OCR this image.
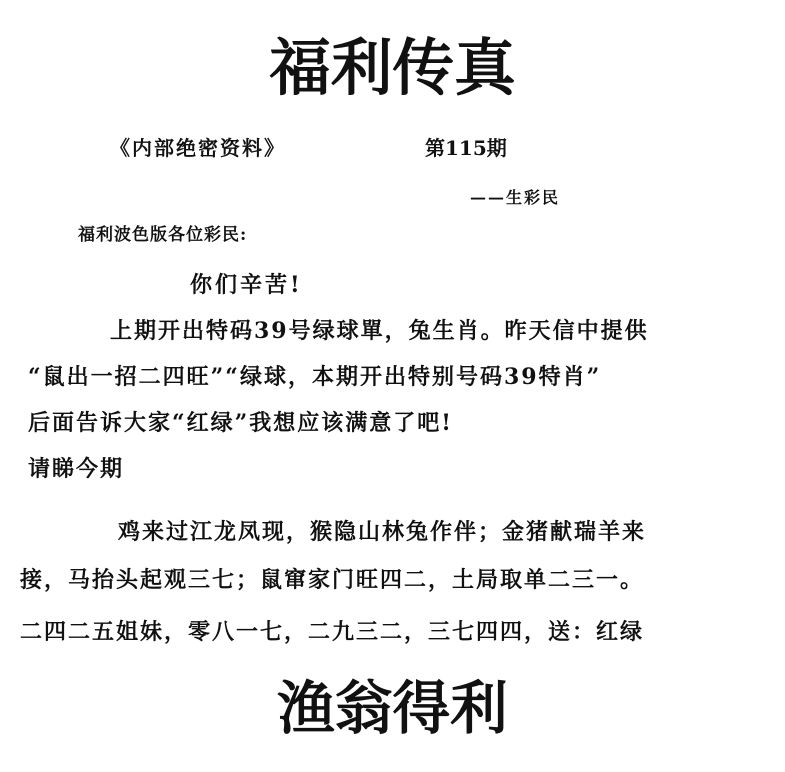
福利传真
《内部绝密资料》	第115期
——生彩民
福利波色版各位彩民:
你们辛苦!
上期开出特码39号绿球單，兔生肖。昨天信中提供
“鼠出一招二四旺”“绿球，本期开出特别号码39特肖”
后面告诉大家“红绿”我想应该满意了吧!
请睇今期
鸡来过江龙凤现，猴隐山林兔作伴；金猪献瑞羊来
接，马抬头起观三七；鼠窜家门旺四二，土局取单二三一。
二四二五姐妹，零八一七，二九三二，三七四四，送：红绿
渔翁得利
